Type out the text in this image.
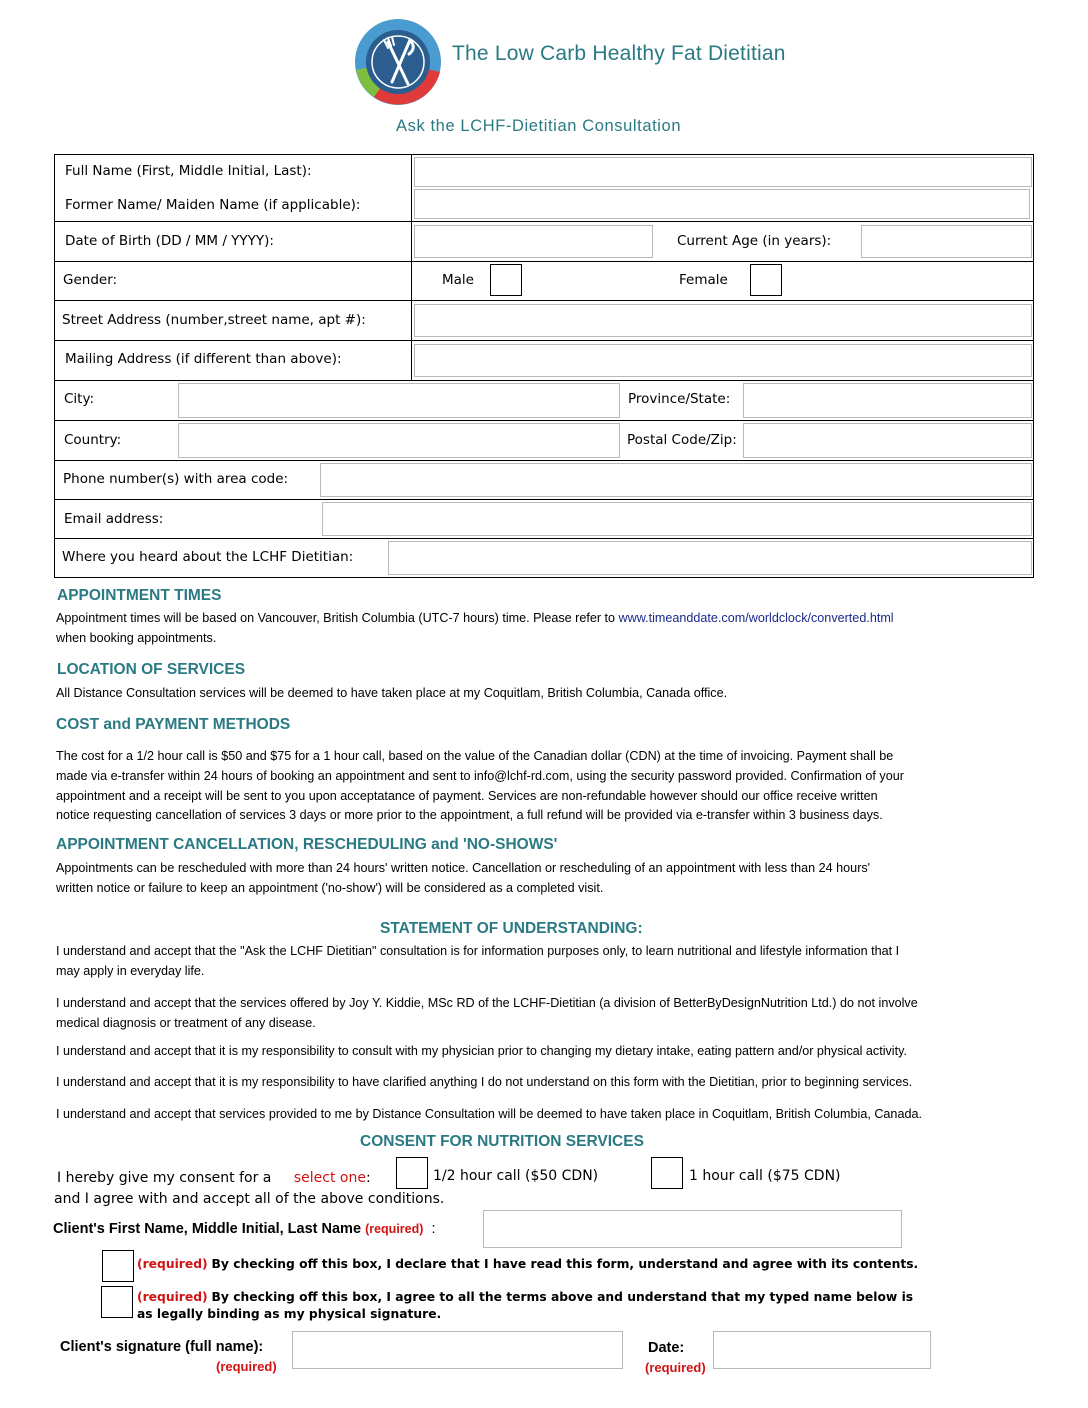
The Low Carb Healthy Fat Dietitian
Ask the LCHF-Dietitian Consultation
Full Name (First, Middle Initial, Last):
Former Name/ Maiden Name (if applicable):
Date of Birth (DD / MM / YYYY):	Current Age (in years):
Gender:	Male	Female
Street Address (number,street name, apt #):
Mailing Address (if different than above):
City:	Province/State:
Country:	Postal Code/Zip:
Phone number(s) with area code:
Email address:
Where you heard about the LCHF Dietitian:
APPOINTMENT TIMES
Appointment times will be based on Vancouver, British Columbia (UTC-7 hours) time. Please refer to www.timeanddate.com/worldclock/converted.html
when booking appointments.
LOCATION OF SERVICES
All Distance Consultation services will be deemed to have taken place at my Coquitlam, British Columbia, Canada office.
COST and PAYMENT METHODS
The cost for a 1/2 hour call is $50 and $75 for a 1 hour call, based on the value of the Canadian dollar (CDN) at the time of invoicing. Payment shall be
made via e-transfer within 24 hours of booking an appointment and sent to info@lchf-rd.com, using the security password provided. Confirmation of your
appointment and a receipt will be sent to you upon acceptatance of payment. Services are non-refundable however should our office receive written
notice requesting cancellation of services 3 days or more prior to the appointment, a full refund will be provided via e-transfer within 3 business days.
APPOINTMENT CANCELLATION, RESCHEDULING and 'NO-SHOWS'
Appointments can be rescheduled with more than 24 hours' written notice. Cancellation or rescheduling of an appointment with less than 24 hours'
written notice or failure to keep an appointment ('no-show') will be considered as a completed visit.
STATEMENT OF UNDERSTANDING:
I understand and accept that the "Ask the LCHF Dietitian" consultation is for information purposes only, to learn nutritional and lifestyle information that I
may apply in everyday life.
I understand and accept that the services offered by Joy Y. Kiddie, MSc RD of the LCHF-Dietitian (a division of BetterByDesignNutrition Ltd.) do not involve
medical diagnosis or treatment of any disease.
I understand and accept that it is my responsibility to consult with my physician prior to changing my dietary intake, eating pattern and/or physical activity.
I understand and accept that it is my responsibility to have clarified anything I do not understand on this form with the Dietitian, prior to beginning services.
I understand and accept that services provided to me by Distance Consultation will be deemed to have taken place in Coquitlam, British Columbia, Canada.
CONSENT FOR NUTRITION SERVICES
I hereby give my consent for a select one:	1/2 hour call ($50 CDN)	1 hour call ($75 CDN)
and I agree with and accept all of the above conditions.
Client's First Name, Middle Initial, Last Name (required) :
(required) By checking off this box, I declare that I have read this form, understand and agree with its contents.
(required) By checking off this box, I agree to all the terms above and understand that my typed name below is
as legally binding as my physical signature.
Client's signature (full name):
(required)
Date:
(required)
